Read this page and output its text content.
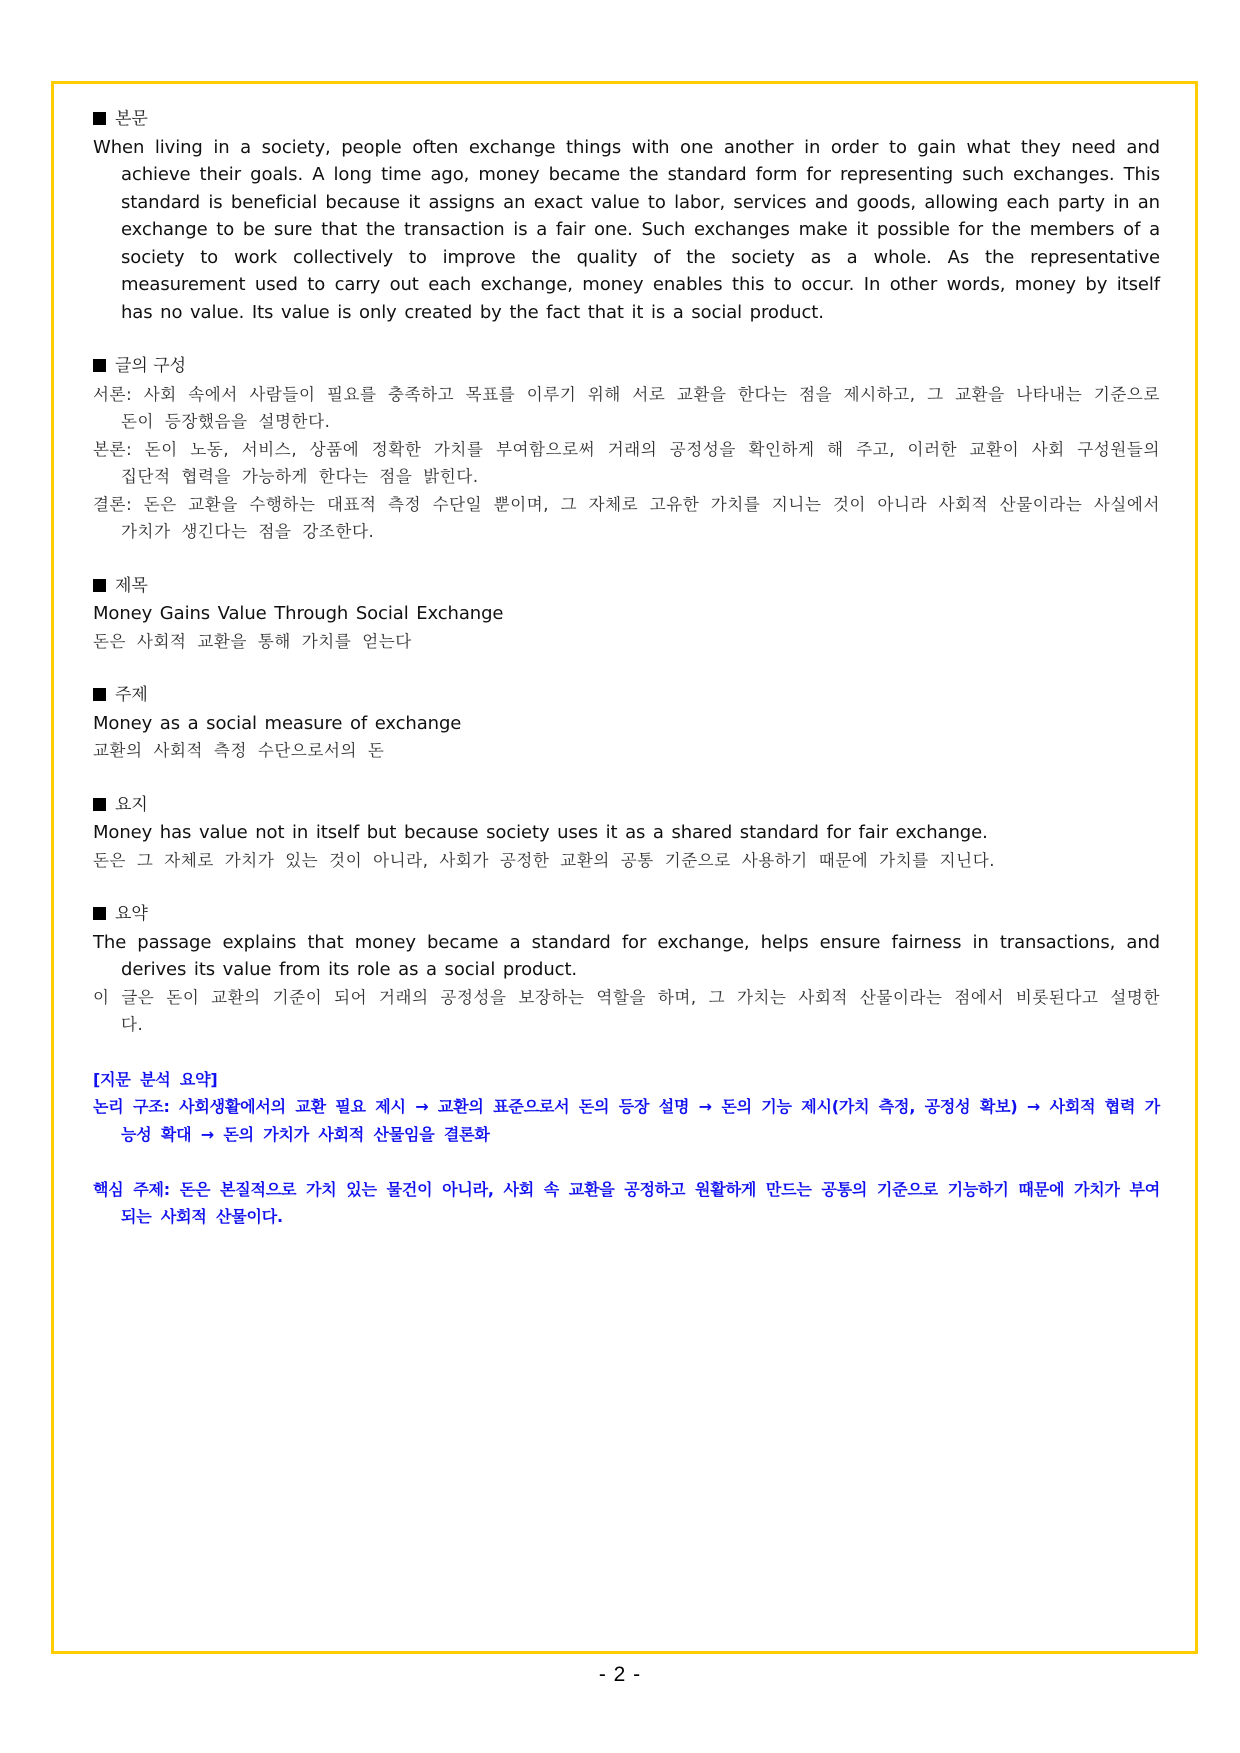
본문
When living in a society, people often exchange things with one another in order to gain what they need and achieve their goals. A long time ago, money became the standard form for representing such exchanges. This standard is beneficial because it assigns an exact value to labor, services and goods, allowing each party in an exchange to be sure that the transaction is a fair one. Such exchanges make it possible for the members of a society to work collectively to improve the quality of the society as a whole. As the representative measurement used to carry out each exchange, money enables this to occur. In other words, money by itself has no value. Its value is only created by the fact that it is a social product.
글의 구성
서론: 사회 속에서 사람들이 필요를 충족하고 목표를 이루기 위해 서로 교환을 한다는 점을 제시하고, 그 교환을 나타내는 기준으로 돈이 등장했음을 설명한다.
본론: 돈이 노동, 서비스, 상품에 정확한 가치를 부여함으로써 거래의 공정성을 확인하게 해 주고, 이러한 교환이 사회 구성원들의 집단적 협력을 가능하게 한다는 점을 밝힌다.
결론: 돈은 교환을 수행하는 대표적 측정 수단일 뿐이며, 그 자체로 고유한 가치를 지니는 것이 아니라 사회적 산물이라는 사실에서 가치가 생긴다는 점을 강조한다.
제목
Money Gains Value Through Social Exchange
돈은 사회적 교환을 통해 가치를 얻는다
주제
Money as a social measure of exchange
교환의 사회적 측정 수단으로서의 돈
요지
Money has value not in itself but because society uses it as a shared standard for fair exchange.
돈은 그 자체로 가치가 있는 것이 아니라, 사회가 공정한 교환의 공통 기준으로 사용하기 때문에 가치를 지닌다.
요약
The passage explains that money became a standard for exchange, helps ensure fairness in transactions, and derives its value from its role as a social product.
이 글은 돈이 교환의 기준이 되어 거래의 공정성을 보장하는 역할을 하며, 그 가치는 사회적 산물이라는 점에서 비롯된다고 설명한다.
[지문 분석 요약]
논리 구조: 사회생활에서의 교환 필요 제시 → 교환의 표준으로서 돈의 등장 설명 → 돈의 기능 제시(가치 측정, 공정성 확보) → 사회적 협력 가능성 확대 → 돈의 가치가 사회적 산물임을 결론화
핵심 주제: 돈은 본질적으로 가치 있는 물건이 아니라, 사회 속 교환을 공정하고 원활하게 만드는 공통의 기준으로 기능하기 때문에 가치가 부여되는 사회적 산물이다.
- 2 -
